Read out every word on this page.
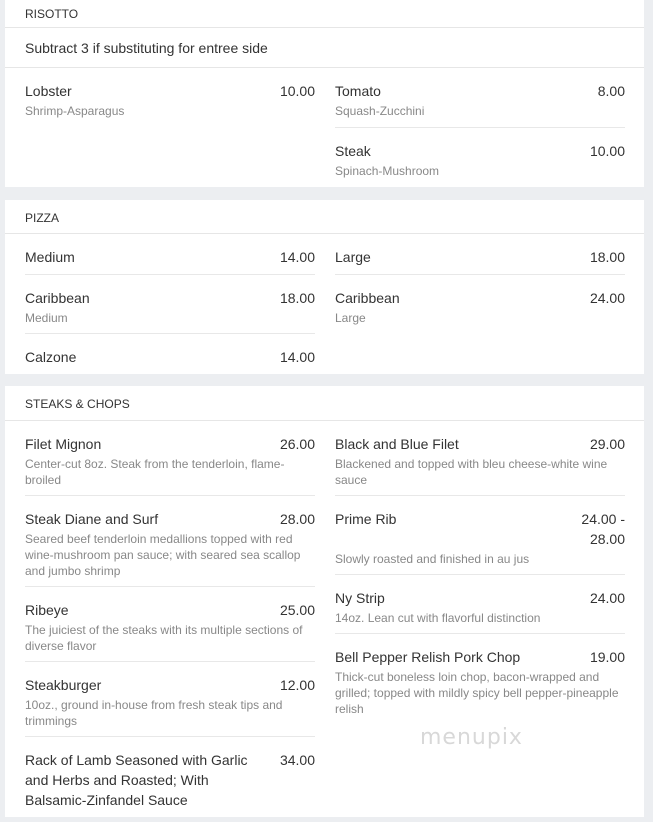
RISOTTO
Subtract 3 if substituting for entree side
Lobster	10.00
Shrimp-Asparagus
Tomato	8.00
Squash-Zucchini
Steak	10.00
Spinach-Mushroom
PIZZA
Medium	14.00
Caribbean	18.00
Medium
Calzone	14.00
Large	18.00
Caribbean	24.00
Large
STEAKS & CHOPS
Filet Mignon	26.00
Center-cut 8oz. Steak from the tenderloin, flame-broiled
Steak Diane and Surf	28.00
Seared beef tenderloin medallions topped with red wine-mushroom pan sauce; with seared sea scallop and jumbo shrimp
Ribeye	25.00
The juiciest of the steaks with its multiple sections of diverse flavor
Steakburger	12.00
10oz., ground in-house from fresh steak tips and trimmings
Rack of Lamb Seasoned with Garlic and Herbs and Roasted; With Balsamic-Zinfandel Sauce
34.00
Black and Blue Filet	29.00
Blackened and topped with bleu cheese-white wine sauce
Prime Rib	24.00 - 28.00
Slowly roasted and finished in au jus
Ny Strip	24.00
14oz. Lean cut with flavorful distinction
Bell Pepper Relish Pork Chop	19.00
Thick-cut boneless loin chop, bacon-wrapped and grilled; topped with mildly spicy bell pepper-pineapple relish
menupix
